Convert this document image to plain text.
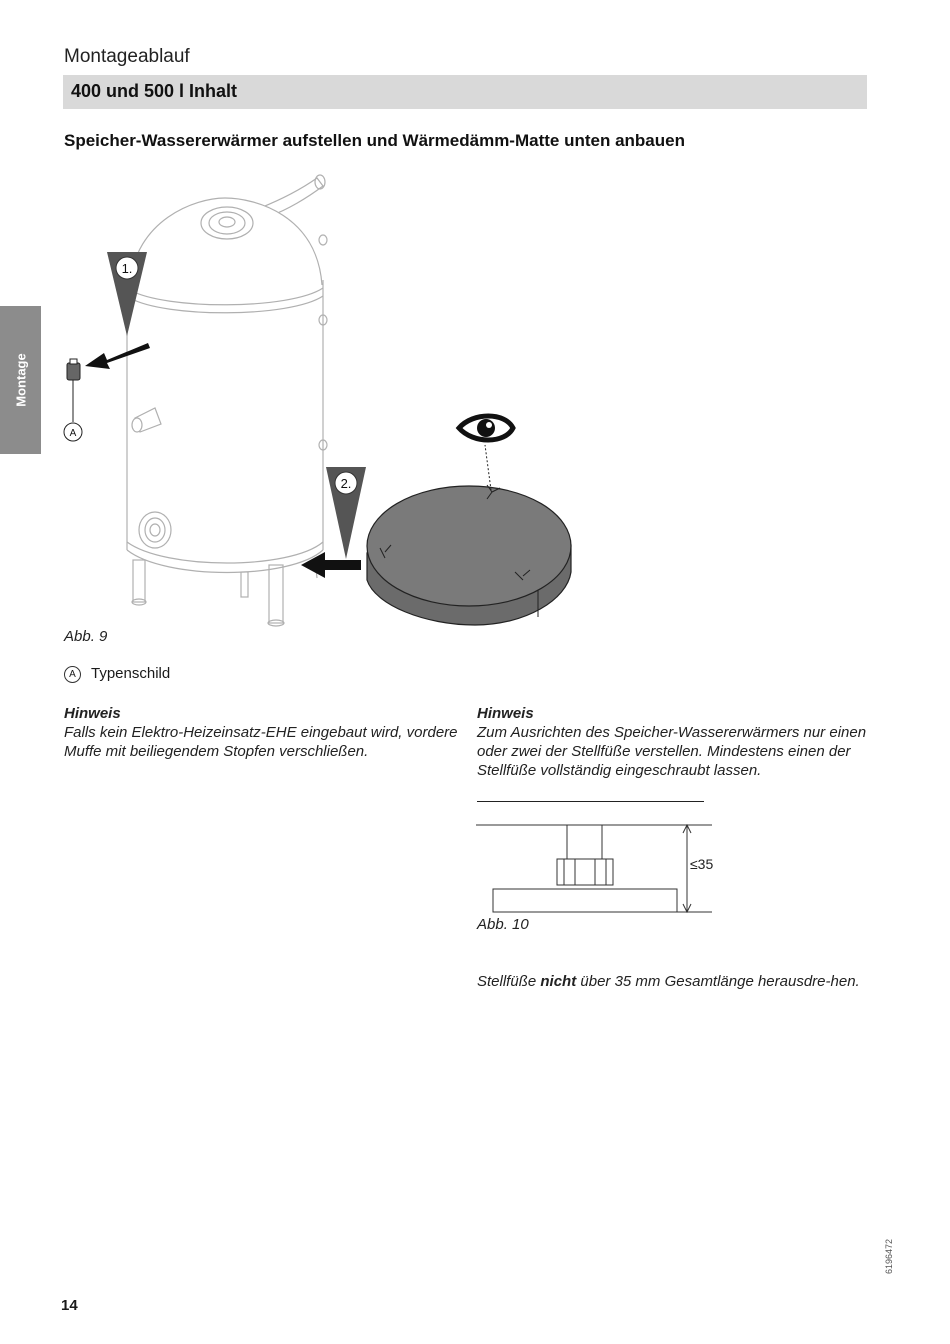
Montageablauf
400 und 500 l Inhalt
Speicher-Wassererwärmer aufstellen und Wärmedämm-Matte unten anbauen
Montage
1.
A
2.
Abb. 9
A Typenschild
Hinweis
Falls kein Elektro-Heizeinsatz-EHE eingebaut wird, vordere Muffe mit beiliegendem Stopfen verschließen.
Hinweis
Zum Ausrichten des Speicher-Wassererwärmers nur einen oder zwei der Stellfüße verstellen. Mindestens einen der Stellfüße vollständig eingeschraubt lassen.
≤35
Abb. 10
Stellfüße nicht über 35 mm Gesamtlänge herausdre-hen.
14
6196472
